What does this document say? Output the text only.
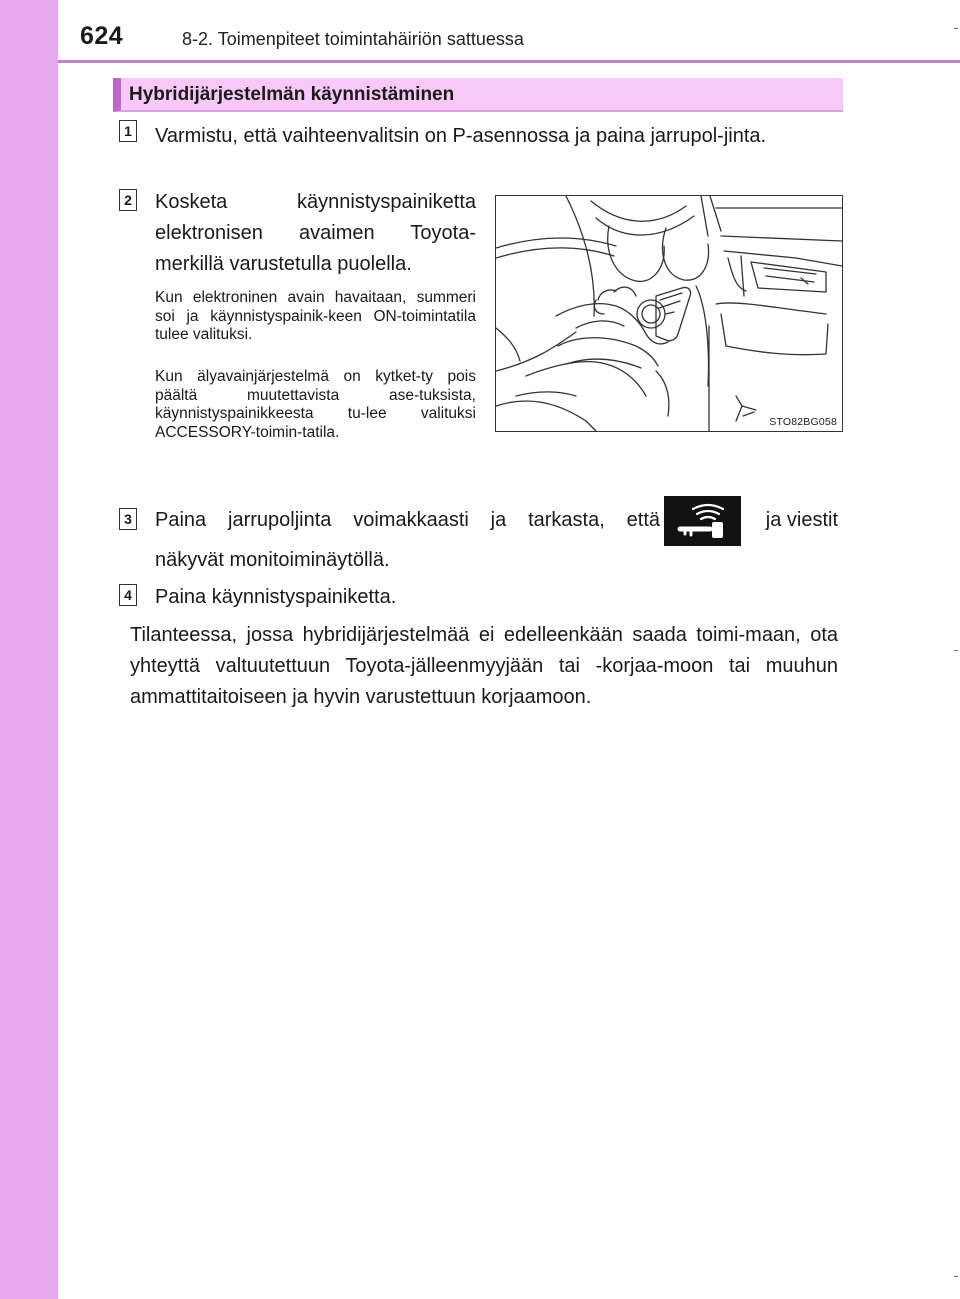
624	8-2. Toimenpiteet toimintahäiriön sattuessa
Hybridijärjestelmän käynnistäminen
1 Varmistu, että vaihteenvalitsin on P-asennossa ja paina jarrupol-jinta.
2 Kosketa käynnistyspainiketta elektronisen avaimen Toyota-merkillä varustetulla puolella.
Kun elektroninen avain havaitaan, summeri soi ja käynnistyspainik-keen ON-toimintatila tulee valituksi.
Kun älyavainjärjestelmä on kytket-ty pois päältä muutettavista ase-tuksista, käynnistyspainikkeesta tu-lee valituksi ACCESSORY-toimin-tatila.
STO82BG058
3 Paina jarrupoljinta voimakkaasti ja tarkasta, että	ja viestit
näkyvät monitoiminäytöllä.
4 Paina käynnistyspainiketta.
Tilanteessa, jossa hybridijärjestelmää ei edelleenkään saada toimi-maan, ota yhteyttä valtuutettuun Toyota-jälleenmyyjään tai -korjaa-moon tai muuhun ammattitaitoiseen ja hyvin varustettuun korjaamoon.
